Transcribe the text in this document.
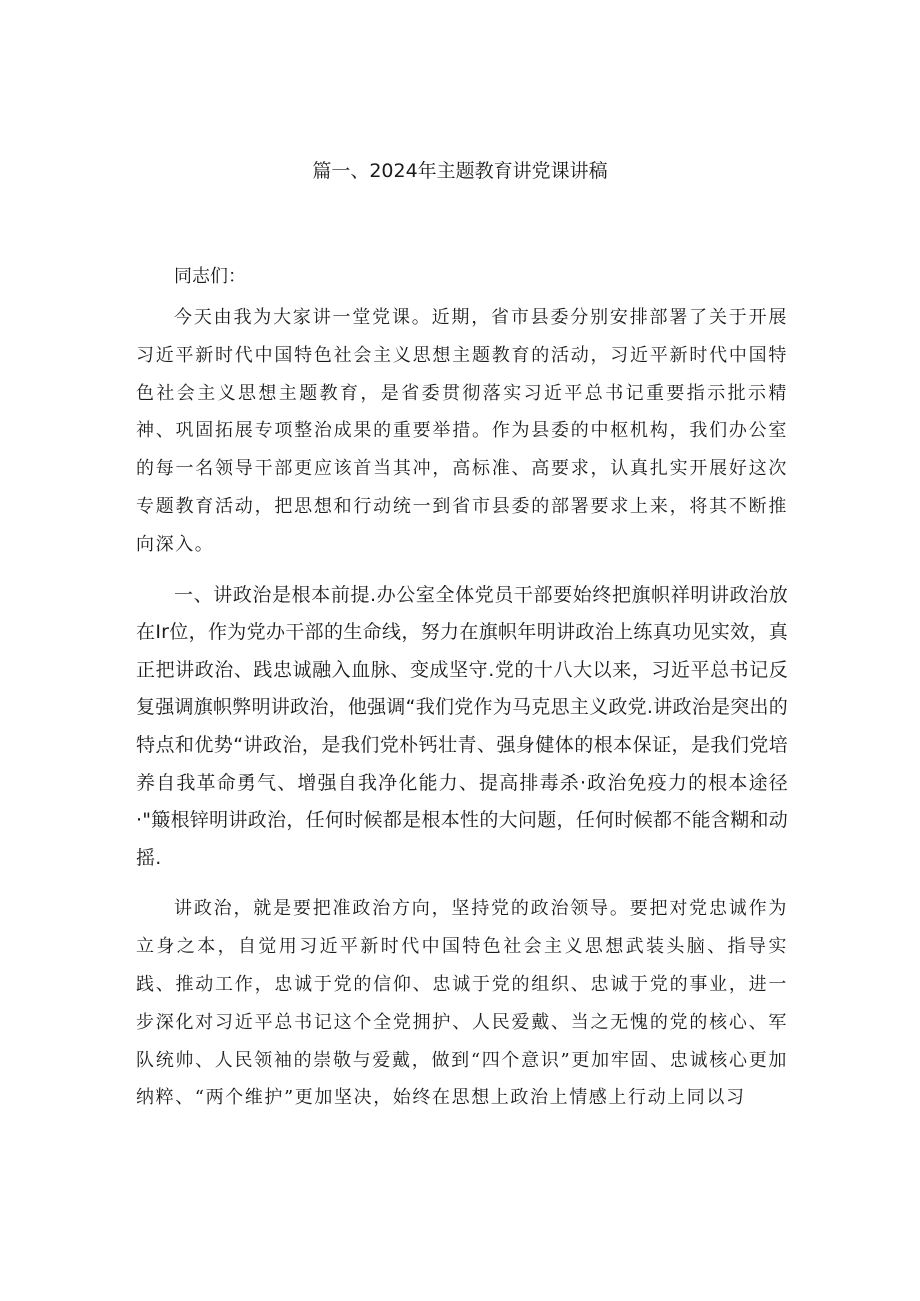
篇一、2024年主题教育讲党课讲稿

同志们：

今天由我为大家讲一堂党课。近期，省市县委分别安排部署了关于开展习近平新时代中国特色社会主义思想主题教育的活动，习近平新时代中国特色社会主义思想主题教育，是省委贯彻落实习近平总书记重要指示批示精神、巩固拓展专项整治成果的重要举措。作为县委的中枢机构，我们办公室的每一名领导干部更应该首当其冲，高标准、高要求，认真扎实开展好这次专题教育活动，把思想和行动统一到省市县委的部署要求上来，将其不断推向深入。

一、讲政治是根本前提.办公室全体党员干部要始终把旗帜祥明讲政治放在Ir位，作为党办干部的生命线，努力在旗帜年明讲政治上练真功见实效，真正把讲政治、践忠诚融入血脉、变成坚守.党的十八大以来，习近平总书记反复强调旗帜弊明讲政治，他强调“我们党作为马克思主义政党.讲政治是突出的特点和优势“讲政治，是我们党朴钙壮青、强身健体的根本保证，是我们党培养自我革命勇气、增强自我净化能力、提高排毒杀·政治免疫力的根本途径·"簸根锌明讲政治，任何时候都是根本性的大问题，任何时候都不能含糊和动摇.

讲政治，就是要把准政治方向，坚持党的政治领导。要把对党忠诚作为立身之本，自觉用习近平新时代中国特色社会主义思想武装头脑、指导实践、推动工作，忠诚于党的信仰、忠诚于党的组织、忠诚于党的事业，进一步深化对习近平总书记这个全党拥护、人民爱戴、当之无愧的党的核心、军队统帅、人民领袖的崇敬与爱戴，做到“四个意识”更加牢固、忠诚核心更加纳粹、“两个维护”更加坚决，始终在思想上政治上情感上行动上同以习
